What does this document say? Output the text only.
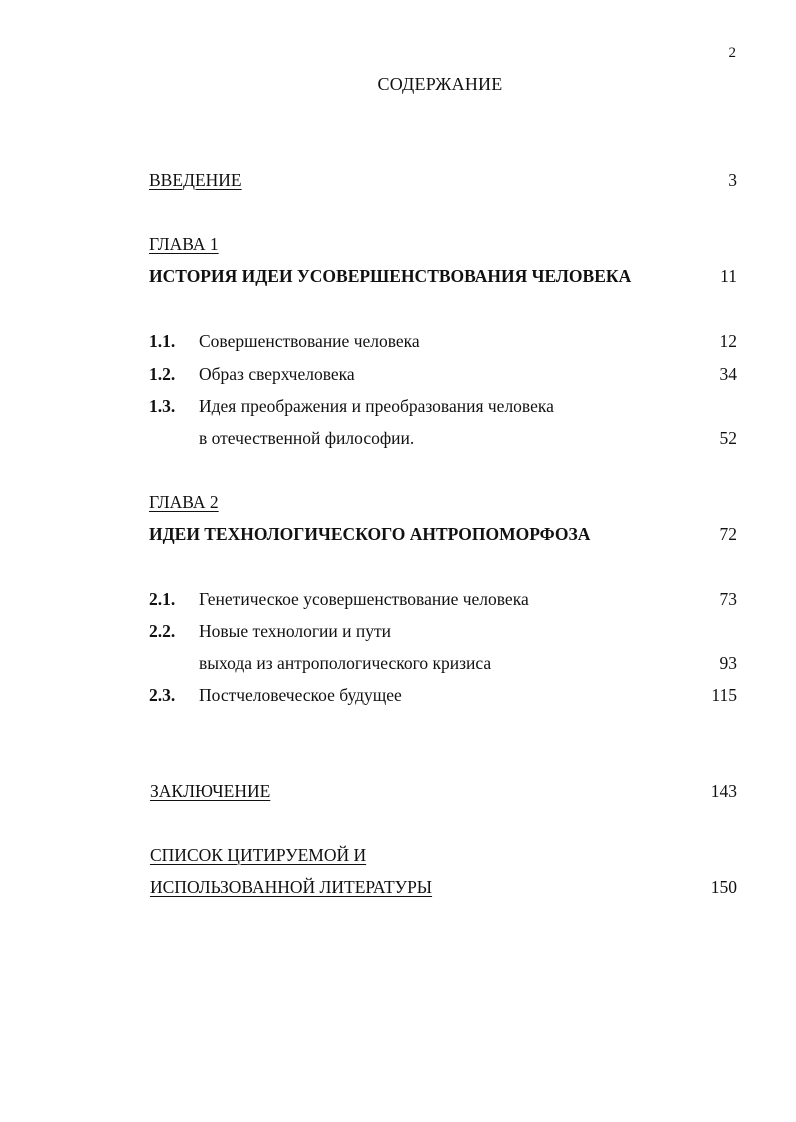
2
СОДЕРЖАНИЕ
ВВЕДЕНИЕ	3
ГЛАВА 1
ИСТОРИЯ ИДЕИ УСОВЕРШЕНСТВОВАНИЯ ЧЕЛОВЕКА	11
1.1. Совершенствование человека	12
1.2. Образ сверхчеловека	34
1.3. Идея преображения и преобразования человека
в отечественной философии.	52
ГЛАВА 2
ИДЕИ ТЕХНОЛОГИЧЕСКОГО АНТРОПОМОРФОЗА	72
2.1. Генетическое усовершенствование человека	73
2.2. Новые технологии и пути
выхода из антропологического кризиса	93
2.3. Постчеловеческое будущее	115
ЗАКЛЮЧЕНИЕ	143
СПИСОК ЦИТИРУЕМОЙ И
ИСПОЛЬЗОВАННОЙ ЛИТЕРАТУРЫ	150
